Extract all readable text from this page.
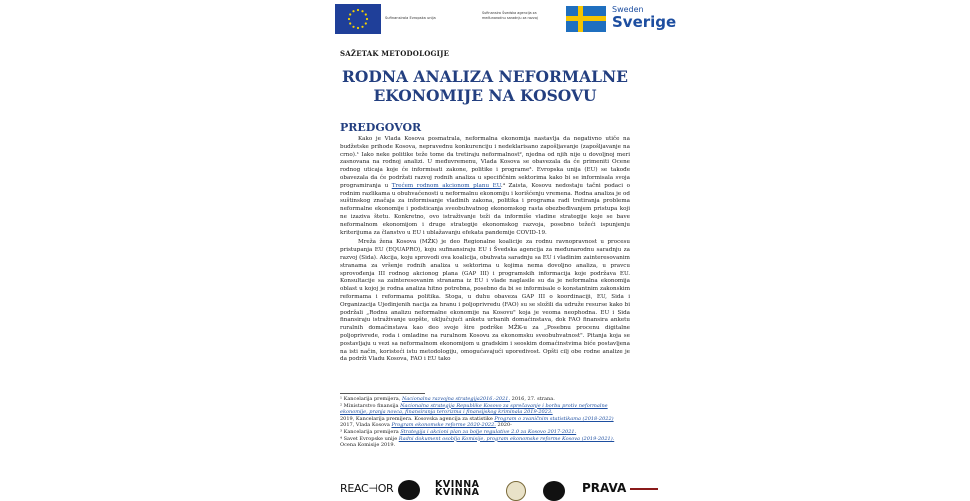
Sufinansirala Evropska unija
Sufinansira Švedska agencija za međunarodnu saradnju za razvoj
Sweden
Sverige
SAŽETAK METODOLOGIJE
RODNA ANALIZA NEFORMALNE
EKONOMIJE NA KOSOVU
PREDGOVOR

Kako je Vlada Kosova posmatrala, neformalna ekonomija nastavlja da negativno utiče na budžetske prihode Kosova, nepravednu konkurenciju i nedeklarisano zapošljavanje (zapošljavanje na crno).¹ Iako neke politike teže tome da tretiraju neformalnost², njedna od njih nije u dovoljnoj meri zasnovana na rodnoj analizi. U međuvremenu, Vlada Kosova se obavezala da će primeniti Ocene rodnog uticaja koje će informisati zakone, politike i programe³. Evropska unija (EU) se takođe obavezala da će podržati razvoj rodnih analiza u specifičnim sektorima kako bi se informisala svoja programiranja u Trećem rodnom akcionom planu EU.⁴ Zaista, Kosovu nedostaju tačni podaci o rodnim razlikama u obuhvaćenosti u neformalnu ekonomiju i korišćenju vremena. Rodna analiza je od suštinskog značaja za informisanje vladinih zakona, politika i programa radi tretiranja problema neformalne ekonomije i podsticanja sveobuhvatnog ekonomskog rasta obezbeđivanjem pristupa koji ne izaziva štetu. Konkretno, ovo istraživanje teži da informiše vladine strategije koje se bave neformalnom ekonomijom i druge strategije ekonomskog razvoja, posebno težeći ispunjenju kriterijuma za članstvo u EU i ublažavanju efekata pandemije COVID-19.

Mreža žena Kosova (MŽK) je deo Regionalne koalicije za rodnu ravnopravnost u procesu pristupanja EU (EQUAPRO), koju sufinansiraju EU i Švedska agencija za međunarodnu saradnju za razvoj (Sida). Akcija, koju sprovodi ova koalicija, obuhvata saradnju sa EU i vladinim zainteresovanim stranama za vršenje rodnih analiza u sektorima u kojima nema dovoljno analiza, u pravcu sprovođenja III rodnog akcionog plana (GAP III) i programskih informacija koje podržava EU. Konsultacije sa zainteresovanim stranama iz EU i vlade naglasile su da je neformalna ekonomija oblast u kojoj je rodna analiza hitno potrebna, posebno da bi se informisale o konstantnim zakonskim reformama i reformama politika. Stoga, u duhu obaveza GAP III o koordinaciji, EU, Sida i Organizacija Ujedinjenih nacija za hranu i poljoprivredu (FAO) su se složili da udruže resurse kako bi podržali „Rodnu analizu neformalne ekonomije na Kosovu" koja je veoma neophodna. EU i Sida finansiraju istraživanje uopšte, uključujući anketu urbanih domaćinstava, dok FAO finansira anketu ruralnih domaćinstava kao deo svoje šire podrške MŽK-u za „Posebnu procenu digitalne poljoprivrede, roda i omladine na ruralnom Kosovu za ekonomsku sveobuhvatnost". Pitanja koja se postavljaju u vezi sa neformalnom ekonomijom u gradskim i seoskim domaćinstvima biće postavljena na isti način, koristeći istu metodologiju, omogućavajući uporedivost. Opšti cilj obe rodne analize je da podrži Vladu Kosova, FAO i EU tako

¹ Kancelarija premijera, Nacionalna razvojna strategija2016.-2021. 2016, 27. strana.
² Ministarstvo finansija Nacionalna strategija Republike Kosovo za sprečavanje i borbu protiv neformalne ekonomije, pranja novca, finansiranja terorizma i finansijskog kriminala 2019-2023.
2019, Kancelarija premijera. Kosovska agencija za statistike Program o zvaničnim statistikama (2018-2022)
2017, Vlada Kosova Program ekonomske reforme 2020-2022. 2020-
³ Kancelarija premijera Strategija i akcioni plan za bolje regulative 2.0 za Kosovo 2017-2021.
⁴ Savet Evropske unije Radni dokument osoblja Komisije, program ekonomske reforme Kosova (2019-2021). Ocena Komisije 2019.
REAC⊣OR	KVINNA
KVINNA	PRAVA
